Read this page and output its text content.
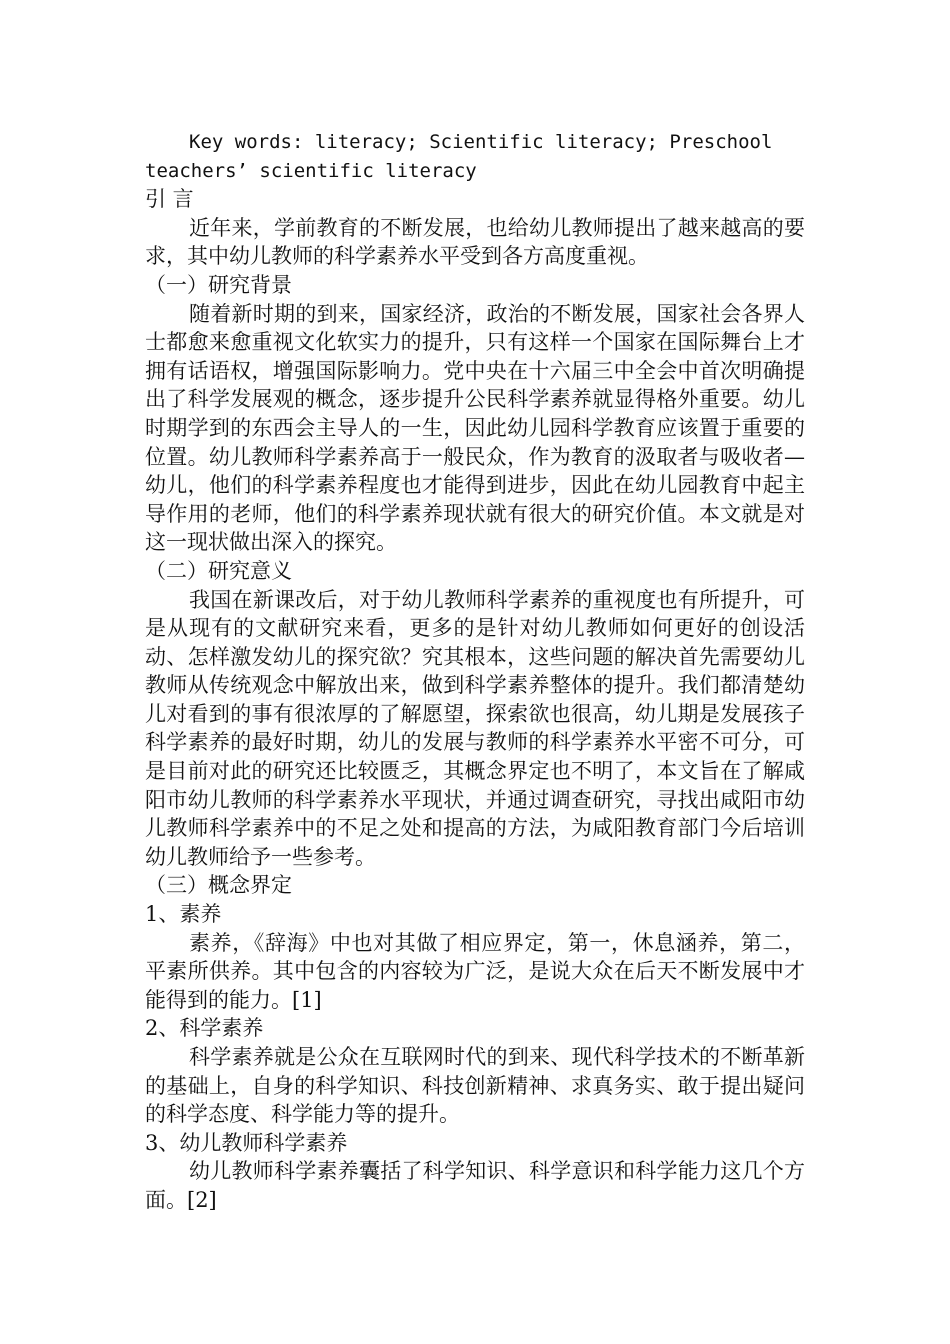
Key words: literacy; Scientific literacy; Preschool

teachers’ scientific literacy

引 言

近年来，学前教育的不断发展，也给幼儿教师提出了越来越高的要求，其中幼儿教师的科学素养水平受到各方高度重视。

（一）研究背景

随着新时期的到来，国家经济，政治的不断发展，国家社会各界人士都愈来愈重视文化软实力的提升，只有这样一个国家在国际舞台上才拥有话语权，增强国际影响力。党中央在十六届三中全会中首次明确提出了科学发展观的概念，逐步提升公民科学素养就显得格外重要。幼儿时期学到的东西会主导人的一生，因此幼儿园科学教育应该置于重要的位置。幼儿教师科学素养高于一般民众，作为教育的汲取者与吸收者—幼儿，他们的科学素养程度也才能得到进步，因此在幼儿园教育中起主导作用的老师，他们的科学素养现状就有很大的研究价值。本文就是对这一现状做出深入的探究。

（二）研究意义

我国在新课改后，对于幼儿教师科学素养的重视度也有所提升，可是从现有的文献研究来看，更多的是针对幼儿教师如何更好的创设活动、怎样激发幼儿的探究欲？究其根本，这些问题的解决首先需要幼儿教师从传统观念中解放出来，做到科学素养整体的提升。我们都清楚幼儿对看到的事有很浓厚的了解愿望，探索欲也很高，幼儿期是发展孩子科学素养的最好时期，幼儿的发展与教师的科学素养水平密不可分，可是目前对此的研究还比较匮乏，其概念界定也不明了，本文旨在了解咸阳市幼儿教师的科学素养水平现状，并通过调查研究，寻找出咸阳市幼儿教师科学素养中的不足之处和提高的方法，为咸阳教育部门今后培训幼儿教师给予一些参考。

（三）概念界定

1、素养

素养，《辞海》中也对其做了相应界定，第一，休息涵养，第二，平素所供养。其中包含的内容较为广泛，是说大众在后天不断发展中才能得到的能力。[1]

2、科学素养

科学素养就是公众在互联网时代的到来、现代科学技术的不断革新的基础上，自身的科学知识、科技创新精神、求真务实、敢于提出疑问的科学态度、科学能力等的提升。

3、幼儿教师科学素养

幼儿教师科学素养囊括了科学知识、科学意识和科学能力这几个方面。[2]
